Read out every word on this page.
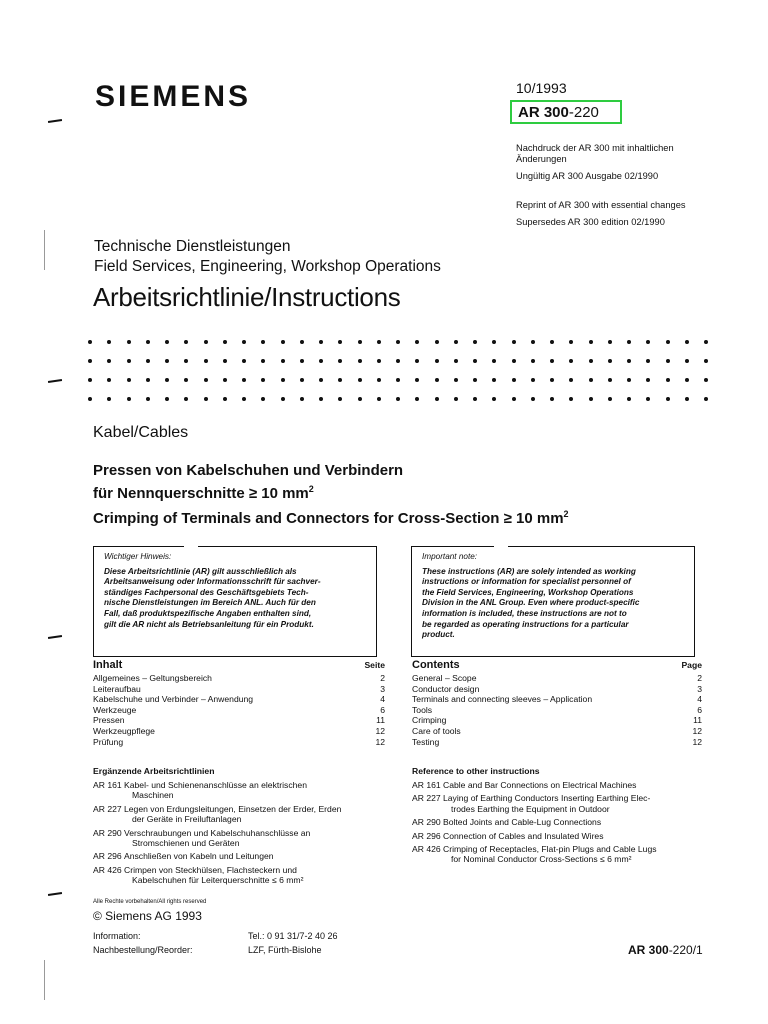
SIEMENS	10/1993
AR 300-220
Nachdruck der AR 300 mit inhaltlichen
Änderungen
Ungültig AR 300 Ausgabe 02/1990
Reprint of AR 300 with essential changes
Supersedes AR 300 edition 02/1990
Technische Dienstleistungen
Field Services, Engineering, Workshop Operations
Arbeitsrichtlinie/Instructions
Kabel/Cables
Pressen von Kabelschuhen und Verbindern
für Nennquerschnitte ≥ 10 $mm^2$
Crimping of Terminals and Connectors for Cross-Section ≥ 10 $mm^2$
Wichtiger Hinweis:
Diese Arbeitsrichtlinie (AR) gilt ausschließlich als
Arbeitsanweisung oder Informationsschrift für sachver-
ständiges Fachpersonal des Geschäftsgebiets Tech-
nische Dienstleistungen im Bereich ANL. Auch für den
Fall, daß produktspezifische Angaben enthalten sind,
gilt die AR nicht als Betriebsanleitung für ein Produkt.
Important note:
These instructions (AR) are solely intended as working
instructions or information for specialist personnel of
the Field Services, Engineering, Workshop Operations
Division in the ANL Group. Even where product-specific
information is included, these instructions are not to
be regarded as operating instructions for a particular
product.
Inhalt	Seite
Allgemeines – Geltungsbereich	2
Leiteraufbau	3
Kabelschuhe und Verbinder – Anwendung	4
Werkzeuge	6
Pressen	11
Werkzeugpflege	12
Prüfung	12
Contents	Page
General – Scope	2
Conductor design	3
Terminals and connecting sleeves – Application	4
Tools	6
Crimping	11
Care of tools	12
Testing	12
Ergänzende Arbeitsrichtlinien
AR 161 Kabel- und Schienenanschlüsse an elektrischen
Maschinen
AR 227 Legen von Erdungsleitungen, Einsetzen der Erder, Erden
der Geräte in Freiluftanlagen
AR 290 Verschraubungen und Kabelschuhanschlüsse an
Stromschienen und Geräten
AR 296 Anschließen von Kabeln und Leitungen
AR 426 Crimpen von Steckhülsen, Flachsteckern und
Kabelschuhen für Leiterquerschnitte ≤ 6 mm²
Reference to other instructions
AR 161 Cable and Bar Connections on Electrical Machines
AR 227 Laying of Earthing Conductors Inserting Earthing Elec-
trodes Earthing the Equipment in Outdoor
AR 290 Bolted Joints and Cable-Lug Connections
AR 296 Connection of Cables and Insulated Wires
AR 426 Crimping of Receptacles, Flat-pin Plugs and Cable Lugs
for Nominal Conductor Cross-Sections ≤ 6 mm²
Alle Rechte vorbehalten/All rights reserved
© Siemens AG 1993
Information:	Tel.: 0 91 31/7-2 40 26
Nachbestellung/Reorder:	LZF, Fürth-Bislohe	AR 300-220/1
